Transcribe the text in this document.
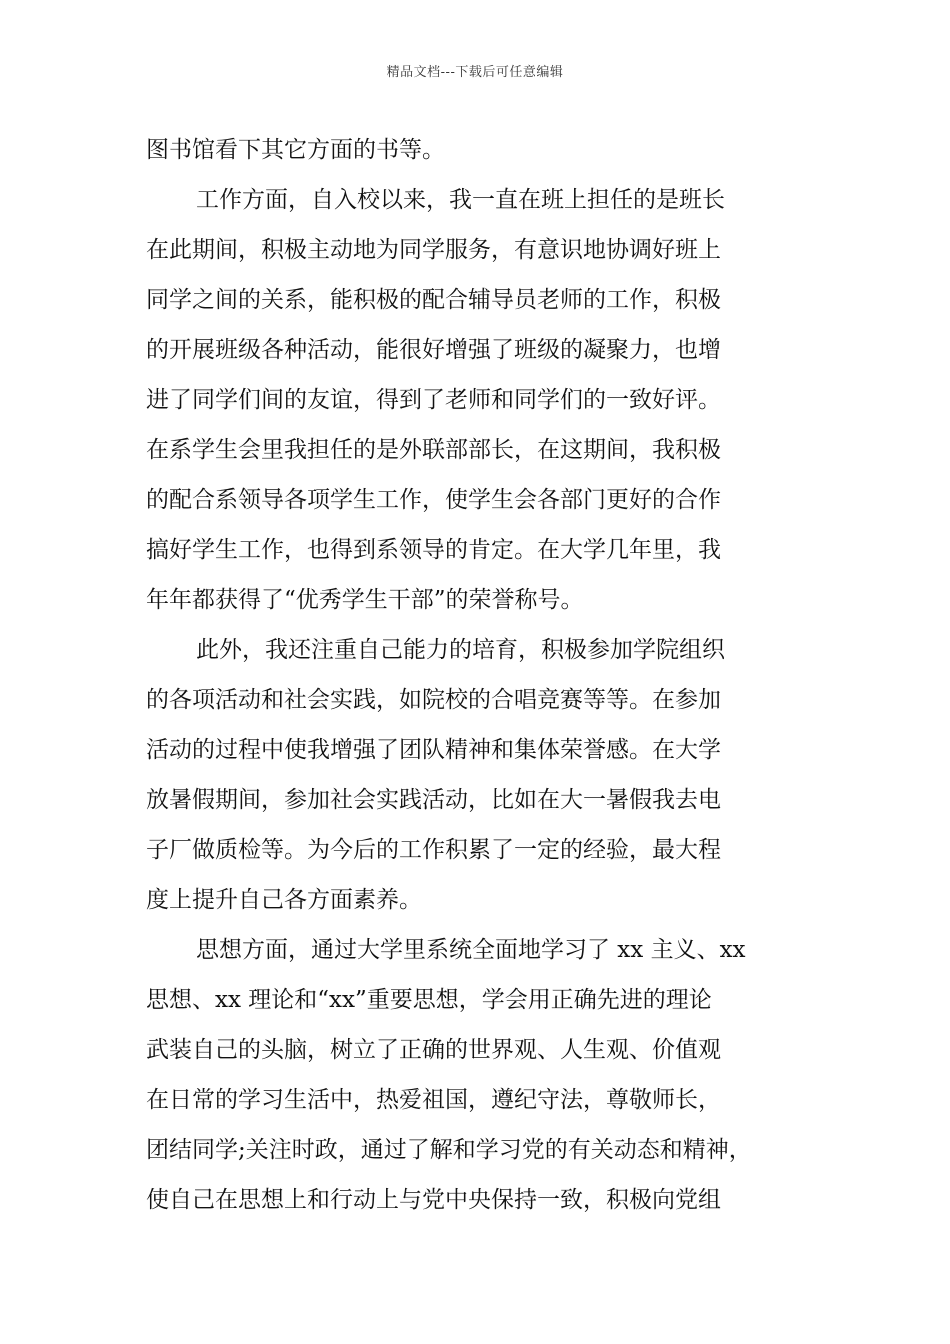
精品文档---下载后可任意编辑
图书馆看下其它方面的书等。
工作方面，自入校以来，我一直在班上担任的是班长
在此期间，积极主动地为同学服务，有意识地协调好班上
同学之间的关系，能积极的配合辅导员老师的工作，积极
的开展班级各种活动，能很好增强了班级的凝聚力，也增
进了同学们间的友谊，得到了老师和同学们的一致好评。
在系学生会里我担任的是外联部部长，在这期间，我积极
的配合系领导各项学生工作，使学生会各部门更好的合作
搞好学生工作，也得到系领导的肯定。在大学几年里，我
年年都获得了“优秀学生干部”的荣誉称号。
此外，我还注重自己能力的培育，积极参加学院组织
的各项活动和社会实践，如院校的合唱竞赛等等。在参加
活动的过程中使我增强了团队精神和集体荣誉感。在大学
放暑假期间，参加社会实践活动，比如在大一暑假我去电
子厂做质检等。为今后的工作积累了一定的经验，最大程
度上提升自己各方面素养。
思想方面，通过大学里系统全面地学习了 xx 主义、xx
思想、xx 理论和“xx”重要思想，学会用正确先进的理论
武装自己的头脑，树立了正确的世界观、人生观、价值观
在日常的学习生活中，热爱祖国，遵纪守法，尊敬师长，
团结同学;关注时政，通过了解和学习党的有关动态和精神，
使自己在思想上和行动上与党中央保持一致，积极向党组
